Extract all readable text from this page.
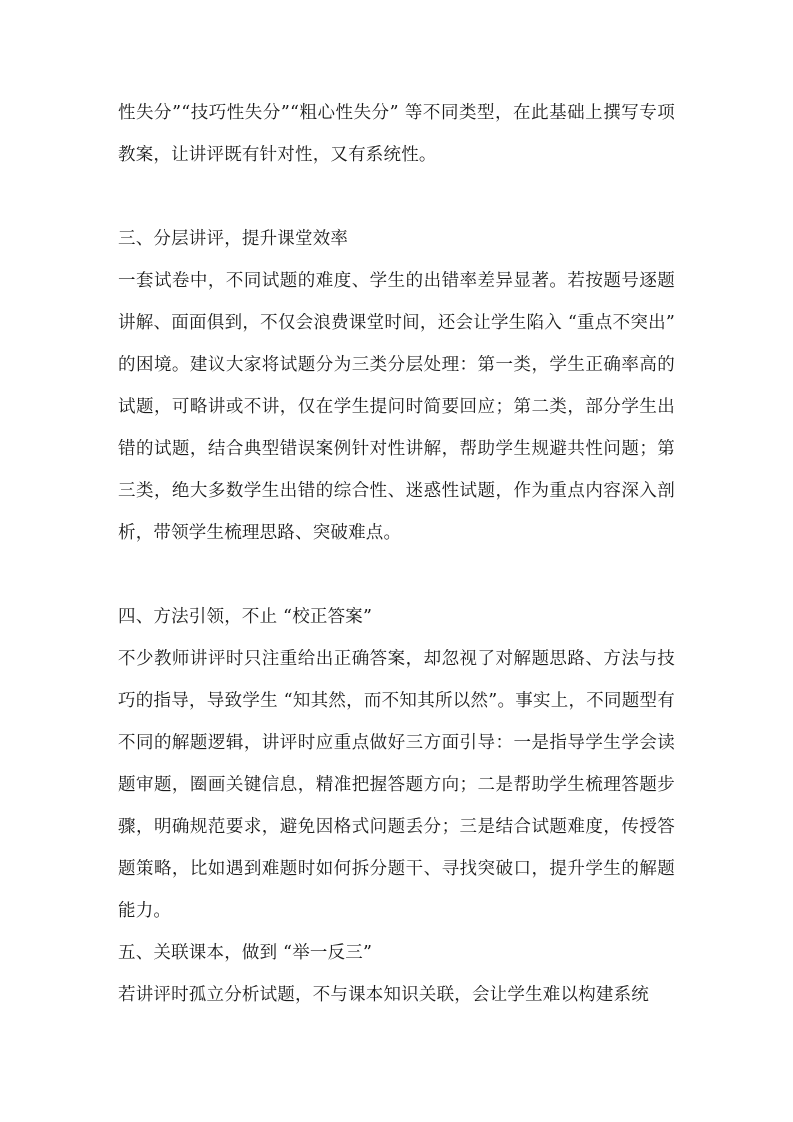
性失分”“技巧性失分”“粗心性失分” 等不同类型，在此基础上撰写专项教案，让讲评既有针对性，又有系统性。

三、分层讲评，提升课堂效率

一套试卷中，不同试题的难度、学生的出错率差异显著。若按题号逐题讲解、面面俱到，不仅会浪费课堂时间，还会让学生陷入 “重点不突出” 的困境。建议大家将试题分为三类分层处理：第一类，学生正确率高的试题，可略讲或不讲，仅在学生提问时简要回应；第二类，部分学生出错的试题，结合典型错误案例针对性讲解，帮助学生规避共性问题；第三类，绝大多数学生出错的综合性、迷惑性试题，作为重点内容深入剖析，带领学生梳理思路、突破难点。

四、方法引领，不止 “校正答案”

不少教师讲评时只注重给出正确答案，却忽视了对解题思路、方法与技巧的指导，导致学生 “知其然，而不知其所以然”。事实上，不同题型有不同的解题逻辑，讲评时应重点做好三方面引导：一是指导学生学会读题审题，圈画关键信息，精准把握答题方向；二是帮助学生梳理答题步骤，明确规范要求，避免因格式问题丢分；三是结合试题难度，传授答题策略，比如遇到难题时如何拆分题干、寻找突破口，提升学生的解题能力。

五、关联课本，做到 “举一反三”

若讲评时孤立分析试题，不与课本知识关联，会让学生难以构建系统
